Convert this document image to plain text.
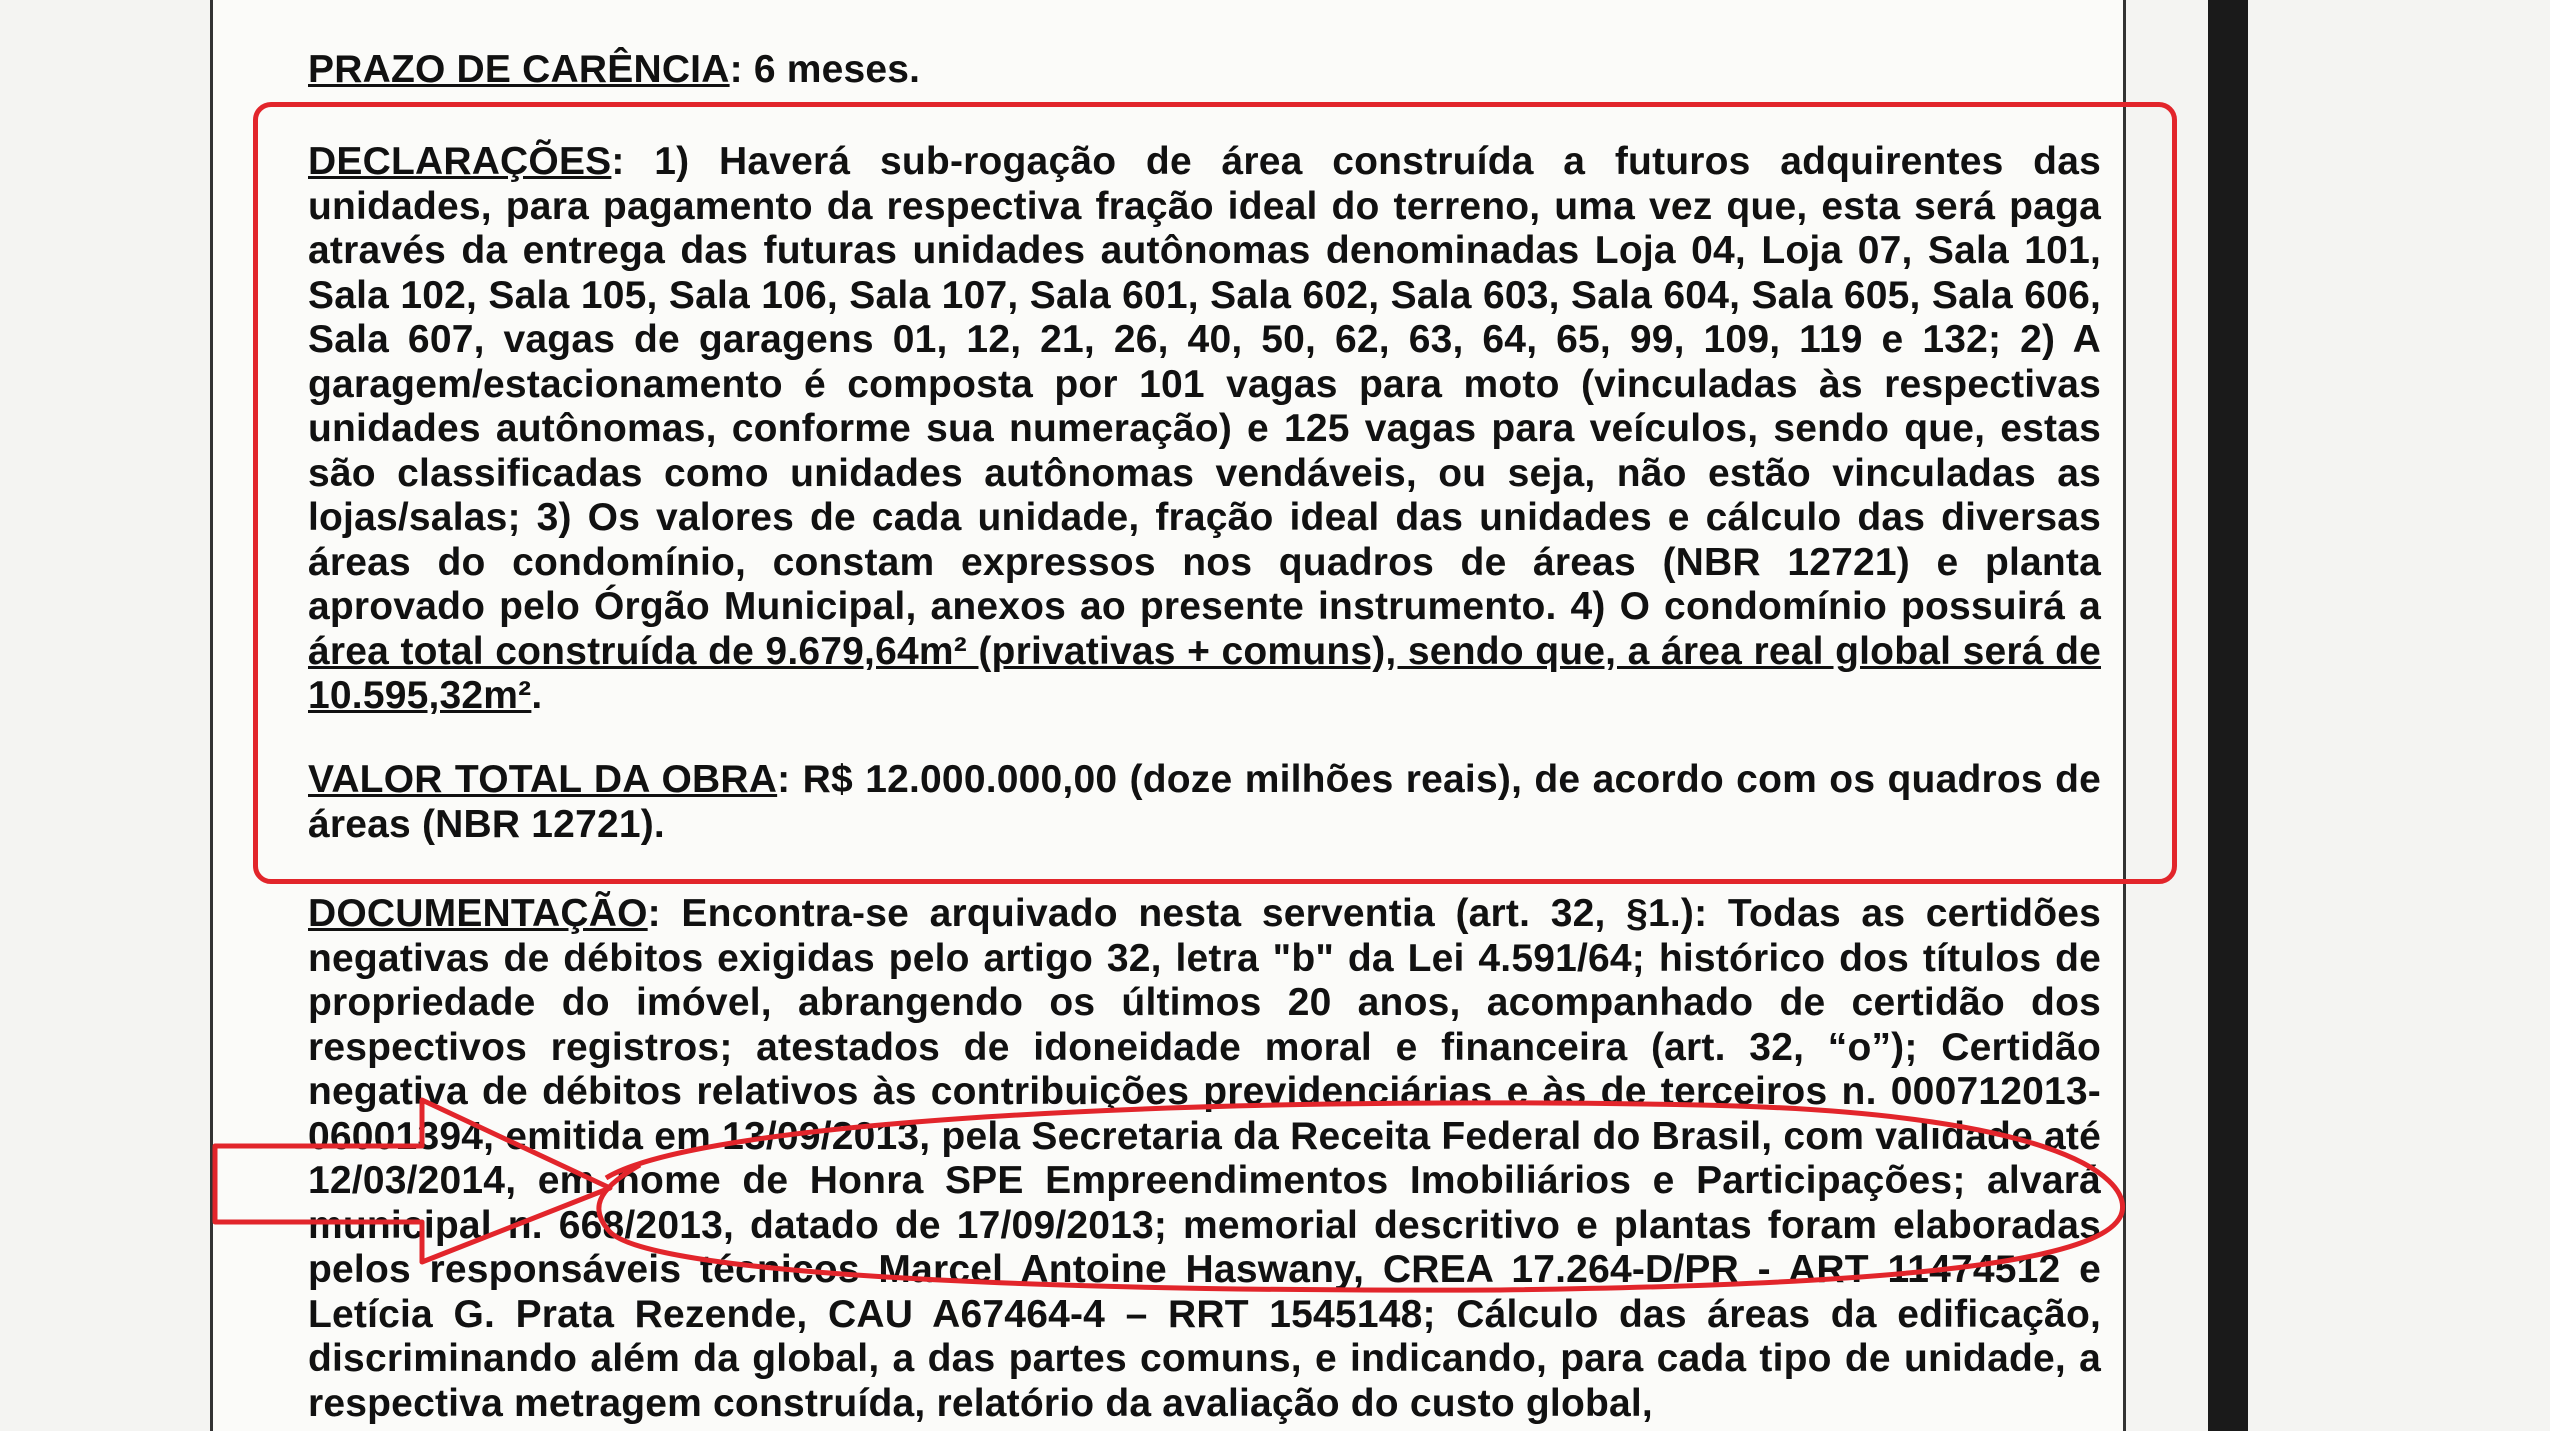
PRAZO DE CARÊNCIA: 6 meses.

DECLARAÇÕES: 1) Haverá sub-rogação de área construída a futuros adquirentes das unidades, para pagamento da respectiva fração ideal do terreno, uma vez que, esta será paga através da entrega das futuras unidades autônomas denominadas Loja 04, Loja 07, Sala 101, Sala 102, Sala 105, Sala 106, Sala 107, Sala 601, Sala 602, Sala 603, Sala 604, Sala 605, Sala 606, Sala 607, vagas de garagens 01, 12, 21, 26, 40, 50, 62, 63, 64, 65, 99, 109, 119 e 132; 2) A garagem/estacionamento é composta por 101 vagas para moto (vinculadas às respectivas unidades autônomas, conforme sua numeração) e 125 vagas para veículos, sendo que, estas são classificadas como unidades autônomas vendáveis, ou seja, não estão vinculadas as lojas/salas; 3) Os valores de cada unidade, fração ideal das unidades e cálculo das diversas áreas do condomínio, constam expressos nos quadros de áreas (NBR 12721) e planta aprovado pelo Órgão Municipal, anexos ao presente instrumento. 4) O condomínio possuirá a área total construída de 9.679,64m² (privativas + comuns), sendo que, a área real global será de 10.595,32m².

VALOR TOTAL DA OBRA: R$ 12.000.000,00 (doze milhões reais), de acordo com os quadros de áreas (NBR 12721).

DOCUMENTAÇÃO: Encontra-se arquivado nesta serventia (art. 32, §1.): Todas as certidões negativas de débitos exigidas pelo artigo 32, letra "b" da Lei 4.591/64; histórico dos títulos de propriedade do imóvel, abrangendo os últimos 20 anos, acompanhado de certidão dos respectivos registros; atestados de idoneidade moral e financeira (art. 32, “o”); Certidão negativa de débitos relativos às contribuições previdenciárias e às de terceiros n. 000712013-06001394, emitida em 13/09/2013, pela Secretaria da Receita Federal do Brasil, com validade até 12/03/2014, em nome de Honra SPE Empreendimentos Imobiliários e Participações; alvará municipal n. 668/2013, datado de 17/09/2013; memorial descritivo e plantas foram elaboradas pelos responsáveis técnicos Marcel Antoine Haswany, CREA 17.264-D/PR - ART 11474512 e Letícia G. Prata Rezende, CAU A67464-4 – RRT 1545148; Cálculo das áreas da edificação, discriminando além da global, a das partes comuns, e indicando, para cada tipo de unidade, a respectiva metragem construída, relatório da avaliação do custo global,
